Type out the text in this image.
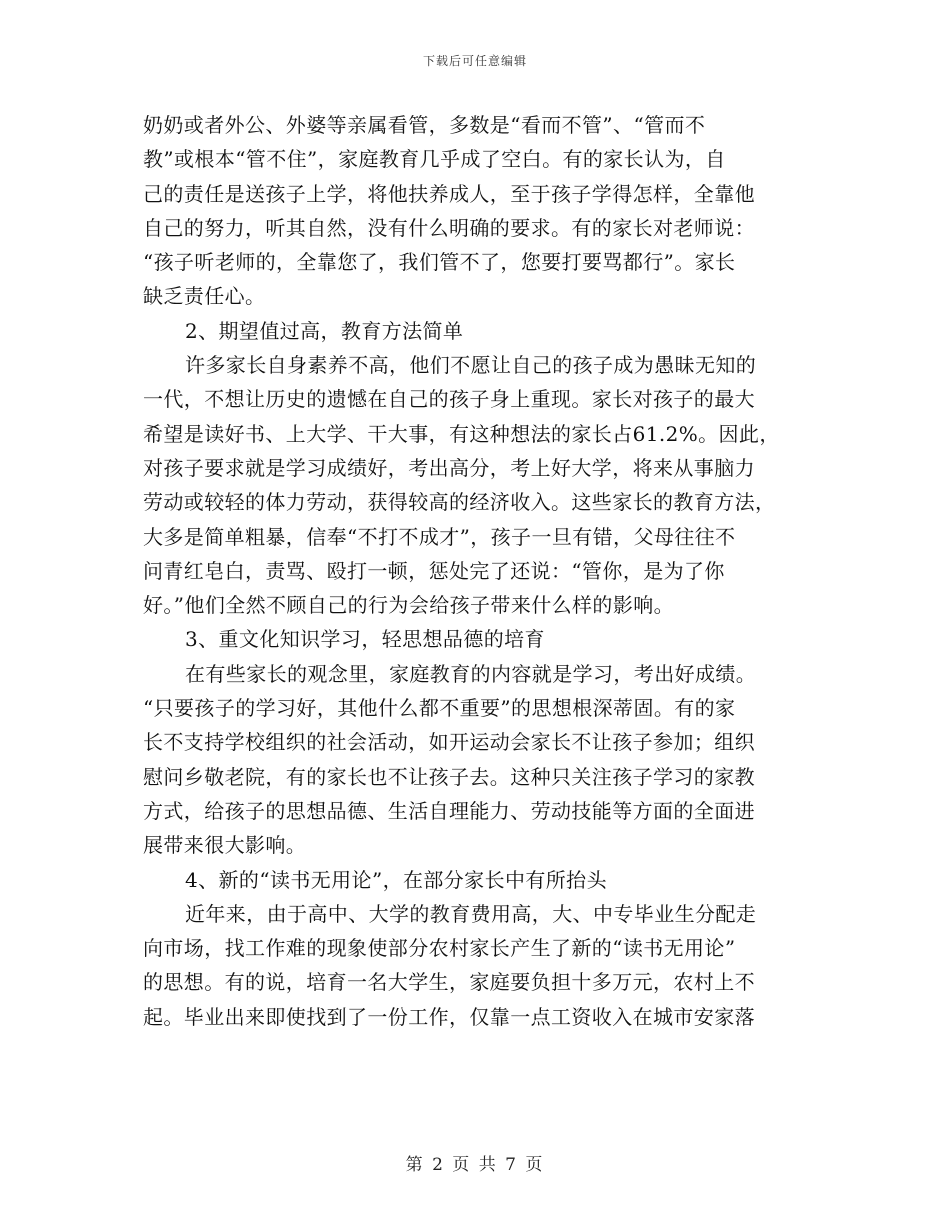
下载后可任意编辑
奶奶或者外公、外婆等亲属看管，多数是“看而不管”、“管而不
教”或根本“管不住”，家庭教育几乎成了空白。有的家长认为，自
己的责任是送孩子上学，将他扶养成人，至于孩子学得怎样，全靠他
自己的努力，听其自然，没有什么明确的要求。有的家长对老师说：
“孩子听老师的，全靠您了，我们管不了，您要打要骂都行”。家长
缺乏责任心。
2、期望值过高，教育方法简单
许多家长自身素养不高，他们不愿让自己的孩子成为愚昧无知的
一代，不想让历史的遗憾在自己的孩子身上重现。家长对孩子的最大
希望是读好书、上大学、干大事，有这种想法的家长占61.2%。因此，
对孩子要求就是学习成绩好，考出高分，考上好大学，将来从事脑力
劳动或较轻的体力劳动，获得较高的经济收入。这些家长的教育方法，
大多是简单粗暴，信奉“不打不成才”，孩子一旦有错，父母往往不
问青红皂白，责骂、殴打一顿，惩处完了还说：“管你，是为了你
好。”他们全然不顾自己的行为会给孩子带来什么样的影响。
3、重文化知识学习，轻思想品德的培育
在有些家长的观念里，家庭教育的内容就是学习，考出好成绩。
“只要孩子的学习好，其他什么都不重要”的思想根深蒂固。有的家
长不支持学校组织的社会活动，如开运动会家长不让孩子参加；组织
慰问乡敬老院，有的家长也不让孩子去。这种只关注孩子学习的家教
方式，给孩子的思想品德、生活自理能力、劳动技能等方面的全面进
展带来很大影响。
4、新的“读书无用论”，在部分家长中有所抬头
近年来，由于高中、大学的教育费用高，大、中专毕业生分配走
向市场，找工作难的现象使部分农村家长产生了新的“读书无用论”
的思想。有的说，培育一名大学生，家庭要负担十多万元，农村上不
起。毕业出来即使找到了一份工作，仅靠一点工资收入在城市安家落
第 2 页 共 7 页
